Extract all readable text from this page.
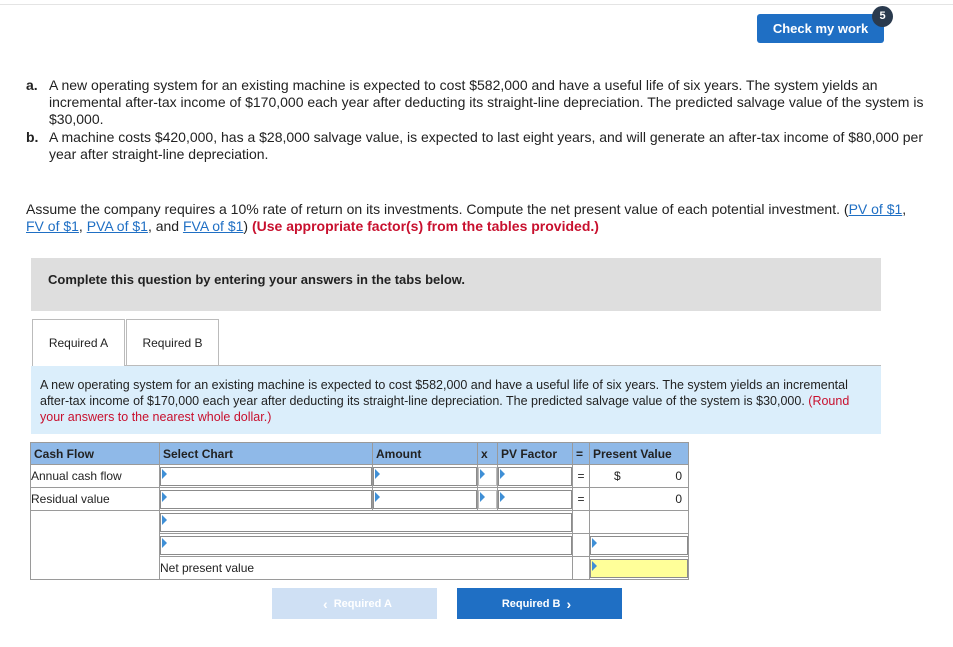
Check my work
5
a. A new operating system for an existing machine is expected to cost $582,000 and have a useful life of six years. The system yields an incremental after-tax income of $170,000 each year after deducting its straight-line depreciation. The predicted salvage value of the system is $30,000.
b. A machine costs $420,000, has a $28,000 salvage value, is expected to last eight years, and will generate an after-tax income of $80,000 per year after straight-line depreciation.
Assume the company requires a 10% rate of return on its investments. Compute the net present value of each potential investment. (PV of $1, FV of $1, PVA of $1, and FVA of $1) (Use appropriate factor(s) from the tables provided.)
Complete this question by entering your answers in the tabs below.
Required A	Required B
A new operating system for an existing machine is expected to cost $582,000 and have a useful life of six years. The system yields an incremental after-tax income of $170,000 each year after deducting its straight-line depreciation. The predicted salvage value of the system is $30,000. (Round your answers to the nearest whole dollar.)
Cash Flow	Select Chart	Amount	x	PV Factor	=	Present Value
Annual cash flow					=	$ 0

Residual value					=	0

	Net present value					
‹ Required A	Required B ›
